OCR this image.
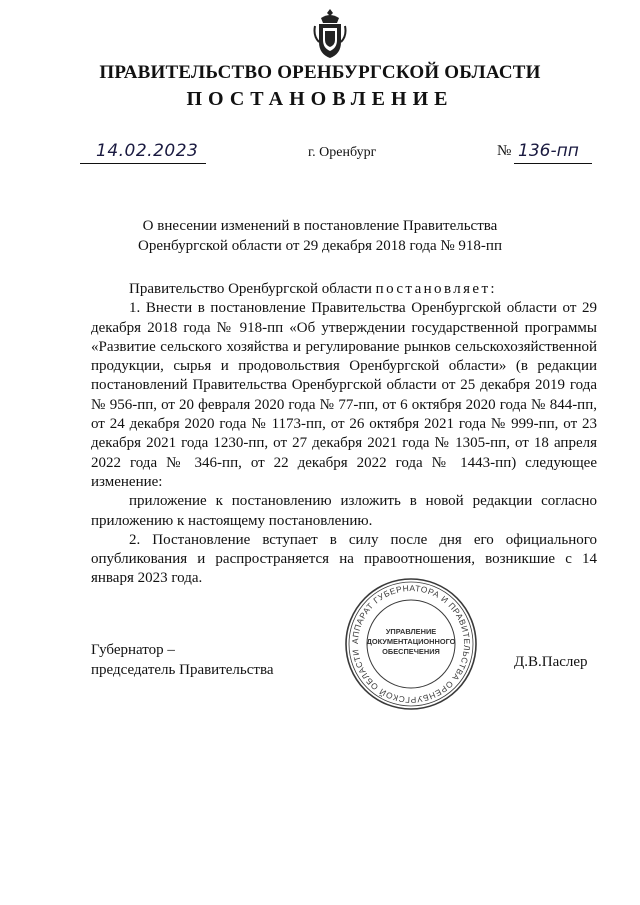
ПРАВИТЕЛЬСТВО ОРЕНБУРГСКОЙ ОБЛАСТИ
ПОСТАНОВЛЕНИЕ
14.02.2023	г. Оренбург	№ 136-пп
О внесении изменений в постановление Правительства
Оренбургской области от 29 декабря 2018 года № 918-пп

Правительство Оренбургской области постановляет:

1. Внести в постановление Правительства Оренбургской области от 29 декабря 2018 года № 918-пп «Об утверждении государственной программы «Развитие сельского хозяйства и регулирование рынков сельскохозяйственной продукции, сырья и продовольствия Оренбургской области» (в редакции постановлений Правительства Оренбургской области от 25 декабря 2019 года № 956-пп, от 20 февраля 2020 года № 77-пп, от 6 октября 2020 года № 844-пп, от 24 декабря 2020 года № 1173-пп, от 26 октября 2021 года № 999-пп, от 23 декабря 2021 года 1230-пп, от 27 декабря 2021 года № 1305-пп, от 18 апреля 2022 года № 346-пп, от 22 декабря 2022 года № 1443-пп) следующее изменение:

приложение к постановлению изложить в новой редакции согласно приложению к настоящему постановлению.

2. Постановление вступает в силу после дня его официального опубликования и распространяется на правоотношения, возникшие с 14 января 2023 года.

Губернатор –
председатель Правительства	Д.В.Паслер
АППАРАТ ГУБЕРНАТОРА И ПРАВИТЕЛЬСТВА ОРЕНБУРГСКОЙ ОБЛАСТИ
УПРАВЛЕНИЕ
ДОКУМЕНТАЦИОННОГО
ОБЕСПЕЧЕНИЯ
